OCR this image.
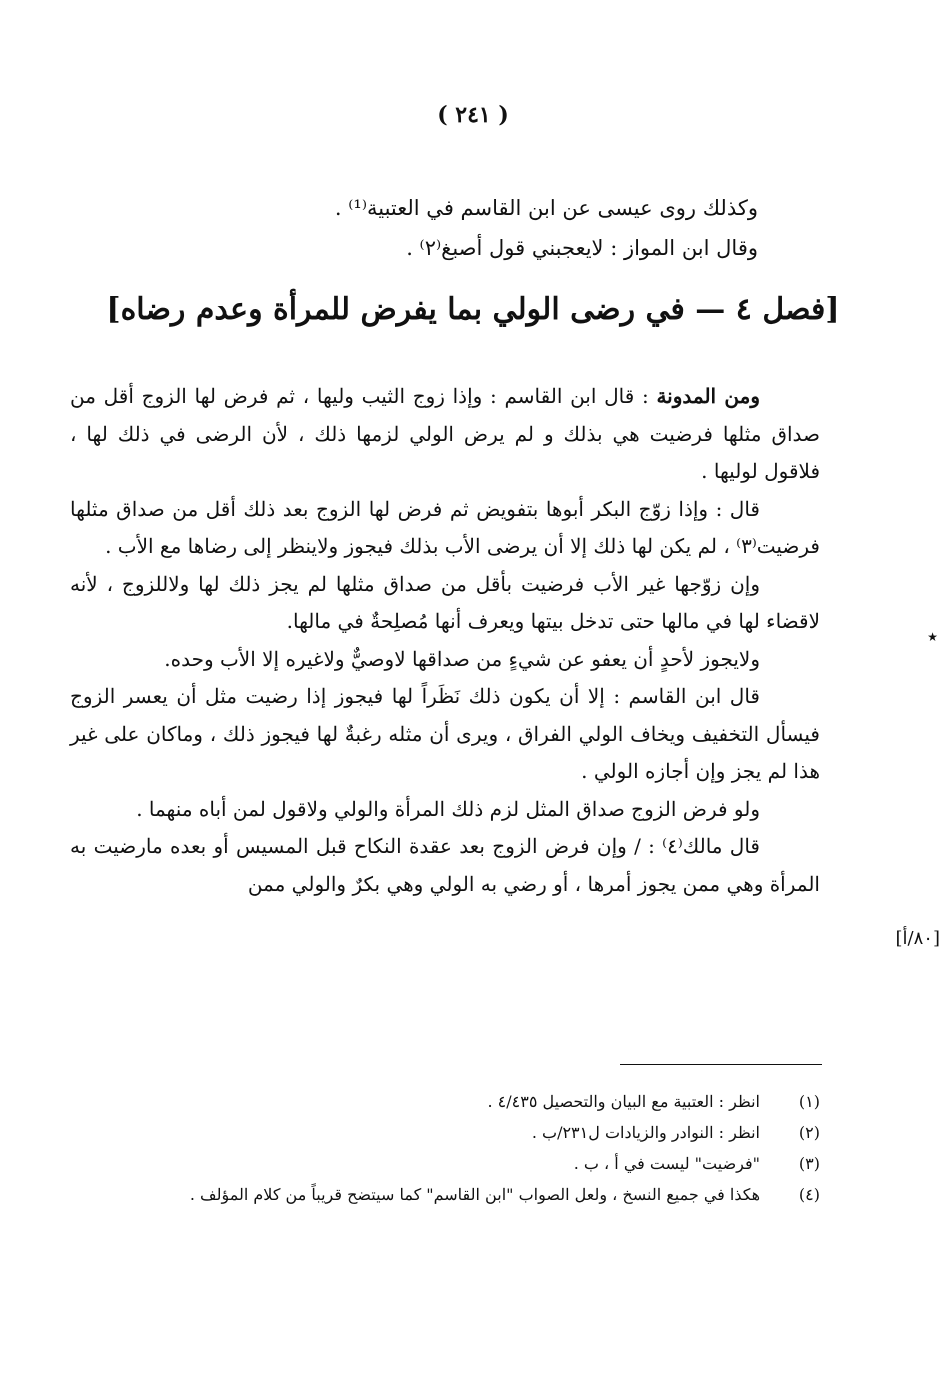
( ٢٤١ )
وكذلك روى عيسى عن ابن القاسم في العتبية⁽¹⁾ .
وقال ابن المواز : لايعجبني قول أصبغ⁽٢⁾ .
[فصل ٤ — في رضى الولي بما يفرض للمرأة وعدم رضاه]

ومن المدونة : قال ابن القاسم : وإذا زوج الثيب وليها ، ثم فرض لها الزوج أقل من صداق مثلها فرضيت هي بذلك و لم يرض الولي لزمها ذلك ، لأن الرضى في ذلك لها ، فلاقول لوليها .

قال : وإذا زوّج البكر أبوها بتفويض ثم فرض لها الزوج بعد ذلك أقل من صداق مثلها فرضيت⁽٣⁾ ، لم يكن لها ذلك إلا أن يرضى الأب بذلك فيجوز ولاينظر إلى رضاها مع الأب .

وإن زوّجها غير الأب فرضيت بأقل من صداق مثلها لم يجز ذلك لها ولاللزوج ، لأنه لاقضاء لها في مالها حتى تدخل بيتها ويعرف أنها مُصلِحةٌ في مالها.

ولايجوز لأحدٍ أن يعفو عن شيءٍ من صداقها لاوصيٌّ ولاغيره إلا الأب وحده.

قال ابن القاسم : إلا أن يكون ذلك نَظَراً لها فيجوز إذا رضيت مثل أن يعسر الزوج فيسأل التخفيف ويخاف الولي الفراق ، ويرى أن مثله رغبةٌ لها فيجوز ذلك ، وماكان على غير هذا لم يجز وإن أجازه الولي .

ولو فرض الزوج صداق المثل لزم ذلك المرأة والولي ولاقول لمن أباه منهما .

قال مالك⁽٤⁾ : / وإن فرض الزوج بعد عقدة النكاح قبل المسيس أو بعده مارضيت به المرأة وهي ممن يجوز أمرها ، أو رضي به الولي وهي بكرٌ والولي ممن

٭
[٨٠/أ]
(١)
انظر : العتبية مع البيان والتحصيل ٤/٤٣٥ .
(٢)
انظر : النوادر والزيادات ل٢٣١/ب .
(٣)
"فرضيت" ليست في أ ، ب .
(٤)
هكذا في جميع النسخ ، ولعل الصواب "ابن القاسم" كما سيتضح قريباً من كلام المؤلف .
